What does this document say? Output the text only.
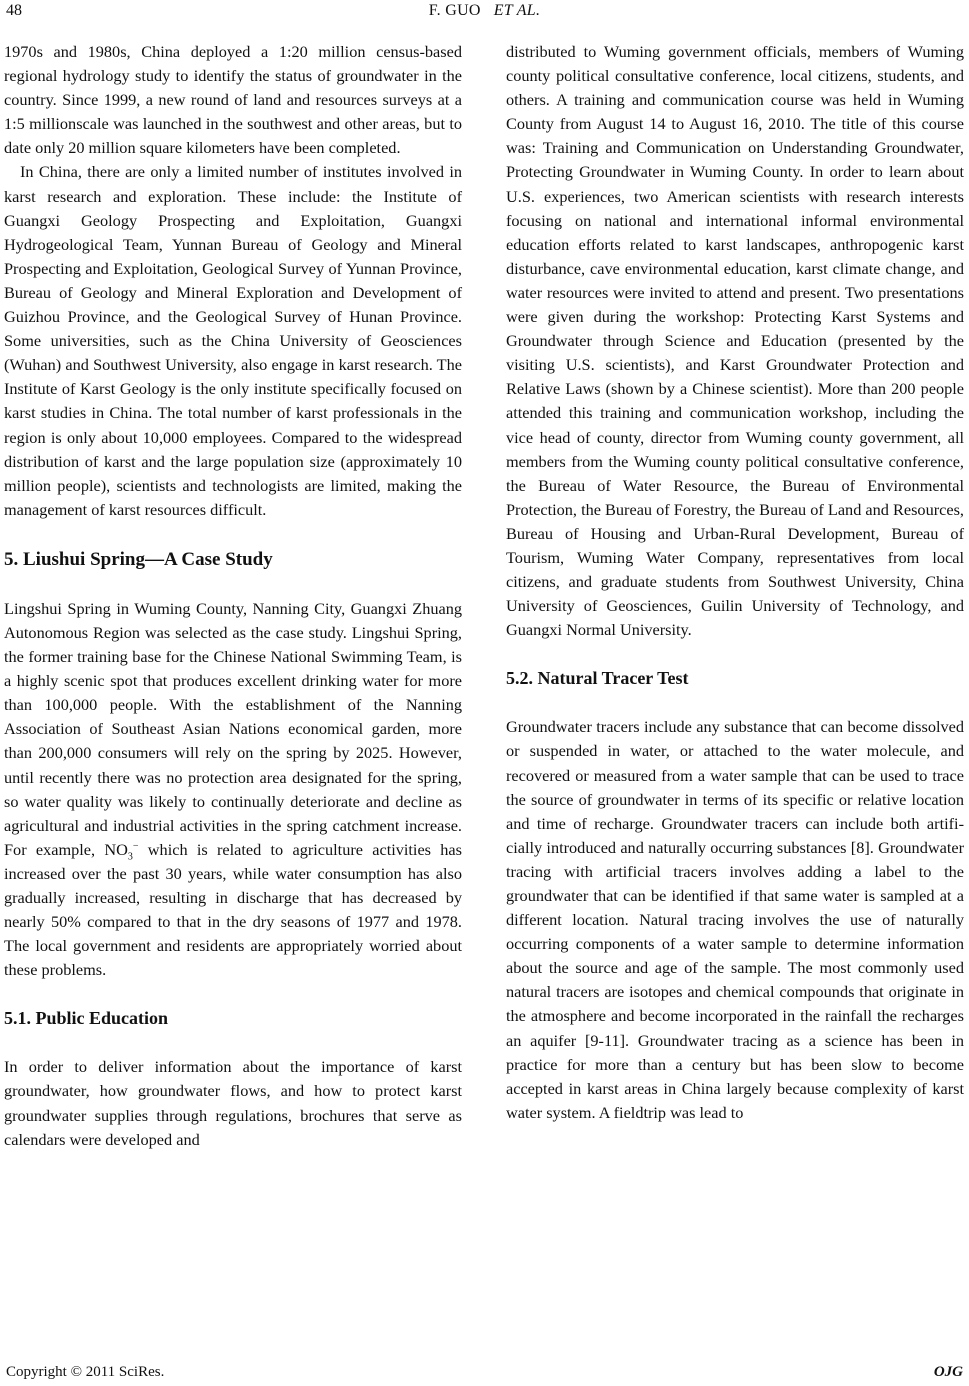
48	F. GUO ET AL.

1970s and 1980s, China deployed a 1:20 million census-based regional hydrology study to identify the status of groundwater in the country. Since 1999, a new round of land and resources surveys at a 1:5 millionscale was launched in the southwest and other areas, but to date only 20 million square kilometers have been completed.

In China, there are only a limited number of institutes involved in karst research and exploration. These include: the Institute of Guangxi Geology Prospecting and Exploitation, Guangxi Hydrogeological Team, Yunnan Bureau of Geology and Mineral Prospecting and Exploitation, Geological Survey of Yunnan Province, Bureau of Geology and Mineral Exploration and Development of Guizhou Province, and the Geological Survey of Hunan Province. Some universities, such as the China University of Geosciences (Wuhan) and Southwest University, also engage in karst research. The Institute of Karst Geology is the only institute specifically focused on karst studies in China. The total number of karst professionals in the region is only about 10,000 employees. Compared to the widespread distribution of karst and the large population size (approximately 10 million people), scientists and technologists are limited, making the management of karst resources difficult.

5. Liushui Spring―A Case Study

Lingshui Spring in Wuming County, Nanning City, Guangxi Zhuang Autonomous Region was selected as the case study. Lingshui Spring, the former training base for the Chinese National Swimming Team, is a highly scenic spot that produces excellent drinking water for more than 100,000 people. With the establishment of the Nanning Association of Southeast Asian Nations economical garden, more than 200,000 consumers will rely on the spring by 2025. However, until recently there was no protection area designated for the spring, so water quality was likely to continually deteriorate and decline as agricultural and industrial activities in the spring catchment increase. For example, $NO_3^-$ which is related to agriculture activities has increased over the past 30 years, while water consumption has also gradually increased, resulting in discharge that has decreased by nearly 50% compared to that in the dry seasons of 1977 and 1978. The local government and residents are appropriately worried about these problems.

5.1. Public Education

In order to deliver information about the importance of karst groundwater, how groundwater flows, and how to protect karst groundwater supplies through regulations, brochures that serve as calendars were developed and

distributed to Wuming government officials, members of Wuming county political consultative conference, local citizens, students, and others. A training and communication course was held in Wuming County from August 14 to August 16, 2010. The title of this course was: Training and Communication on Understanding Groundwater, Protecting Groundwater in Wuming County. In order to learn about U.S. experiences, two American scientists with research interests focusing on national and international informal environmental education efforts related to karst landscapes, anthropogenic karst disturbance, cave environmental education, karst climate change, and water resources were invited to attend and present. Two presentations were given during the workshop: Protecting Karst Systems and Groundwater through Science and Education (presented by the visiting U.S. scientists), and Karst Groundwater Protection and Relative Laws (shown by a Chinese scientist). More than 200 people attended this training and communication workshop, including the vice head of county, director from Wuming county government, all members from the Wuming county political consultative conference, the Bureau of Water Resource, the Bureau of Environmental Protection, the Bureau of Forestry, the Bureau of Land and Resources, Bureau of Housing and Urban-Rural Development, Bureau of Tourism, Wuming Water Company, representatives from local citizens, and graduate students from Southwest University, China University of Geosciences, Guilin University of Technology, and Guangxi Normal University.

5.2. Natural Tracer Test

Groundwater tracers include any substance that can become dissolved or suspended in water, or attached to the water molecule, and recovered or measured from a water sample that can be used to trace the source of groundwater in terms of its specific or relative location and time of recharge. Groundwater tracers can include both artificially introduced and naturally occurring substances [8]. Groundwater tracing with artificial tracers involves adding a label to the groundwater that can be identified if that same water is sampled at a different location. Natural tracing involves the use of naturally occurring components of a water sample to determine information about the source and age of the sample. The most commonly used natural tracers are isotopes and chemical compounds that originate in the atmosphere and become incorporated in the rainfall the recharges an aquifer [9-11]. Groundwater tracing as a science has been in practice for more than a century but has been slow to become accepted in karst areas in China largely because complexity of karst water system. A fieldtrip was lead to

Copyright © 2011 SciRes.	OJG
